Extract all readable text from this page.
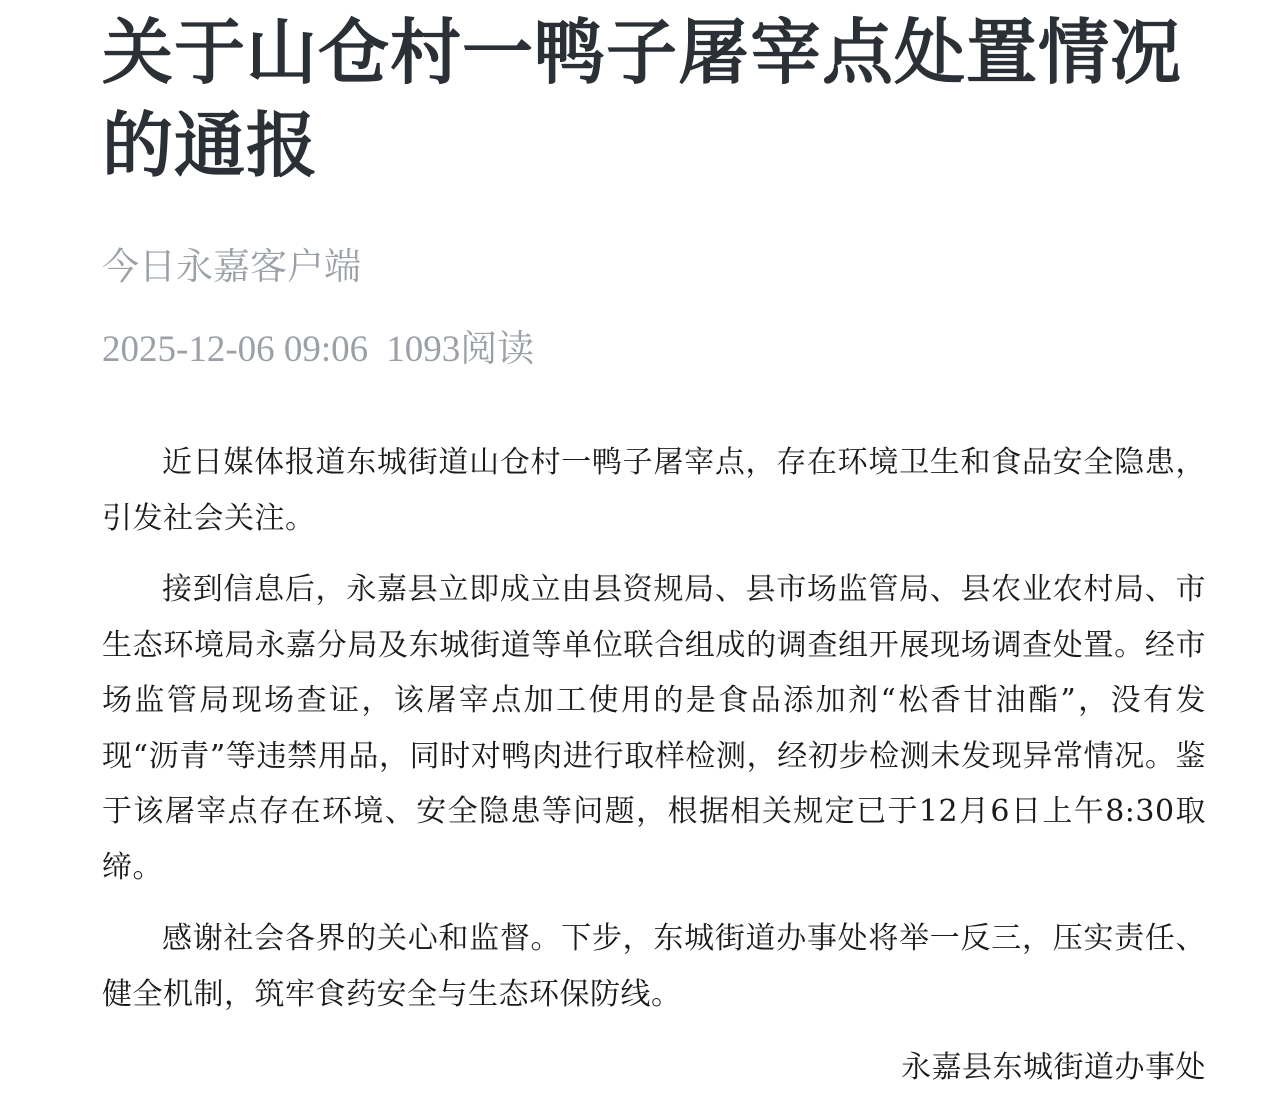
关于山仓村一鸭子屠宰点处置情况的通报
今日永嘉客户端
2025-12-06 09:06 1093阅读

近日媒体报道东城街道山仓村一鸭子屠宰点，存在环境卫生和食品安全隐患，引发社会关注。

接到信息后，永嘉县立即成立由县资规局、县市场监管局、县农业农村局、市生态环境局永嘉分局及东城街道等单位联合组成的调查组开展现场调查处置。经市场监管局现场查证，该屠宰点加工使用的是食品添加剂“松香甘油酯”，没有发现“沥青”等违禁用品，同时对鸭肉进行取样检测，经初步检测未发现异常情况。鉴于该屠宰点存在环境、安全隐患等问题，根据相关规定已于12月6日上午8:30取缔。

感谢社会各界的关心和监督。下步，东城街道办事处将举一反三，压实责任、健全机制，筑牢食药安全与生态环保防线。

永嘉县东城街道办事处
